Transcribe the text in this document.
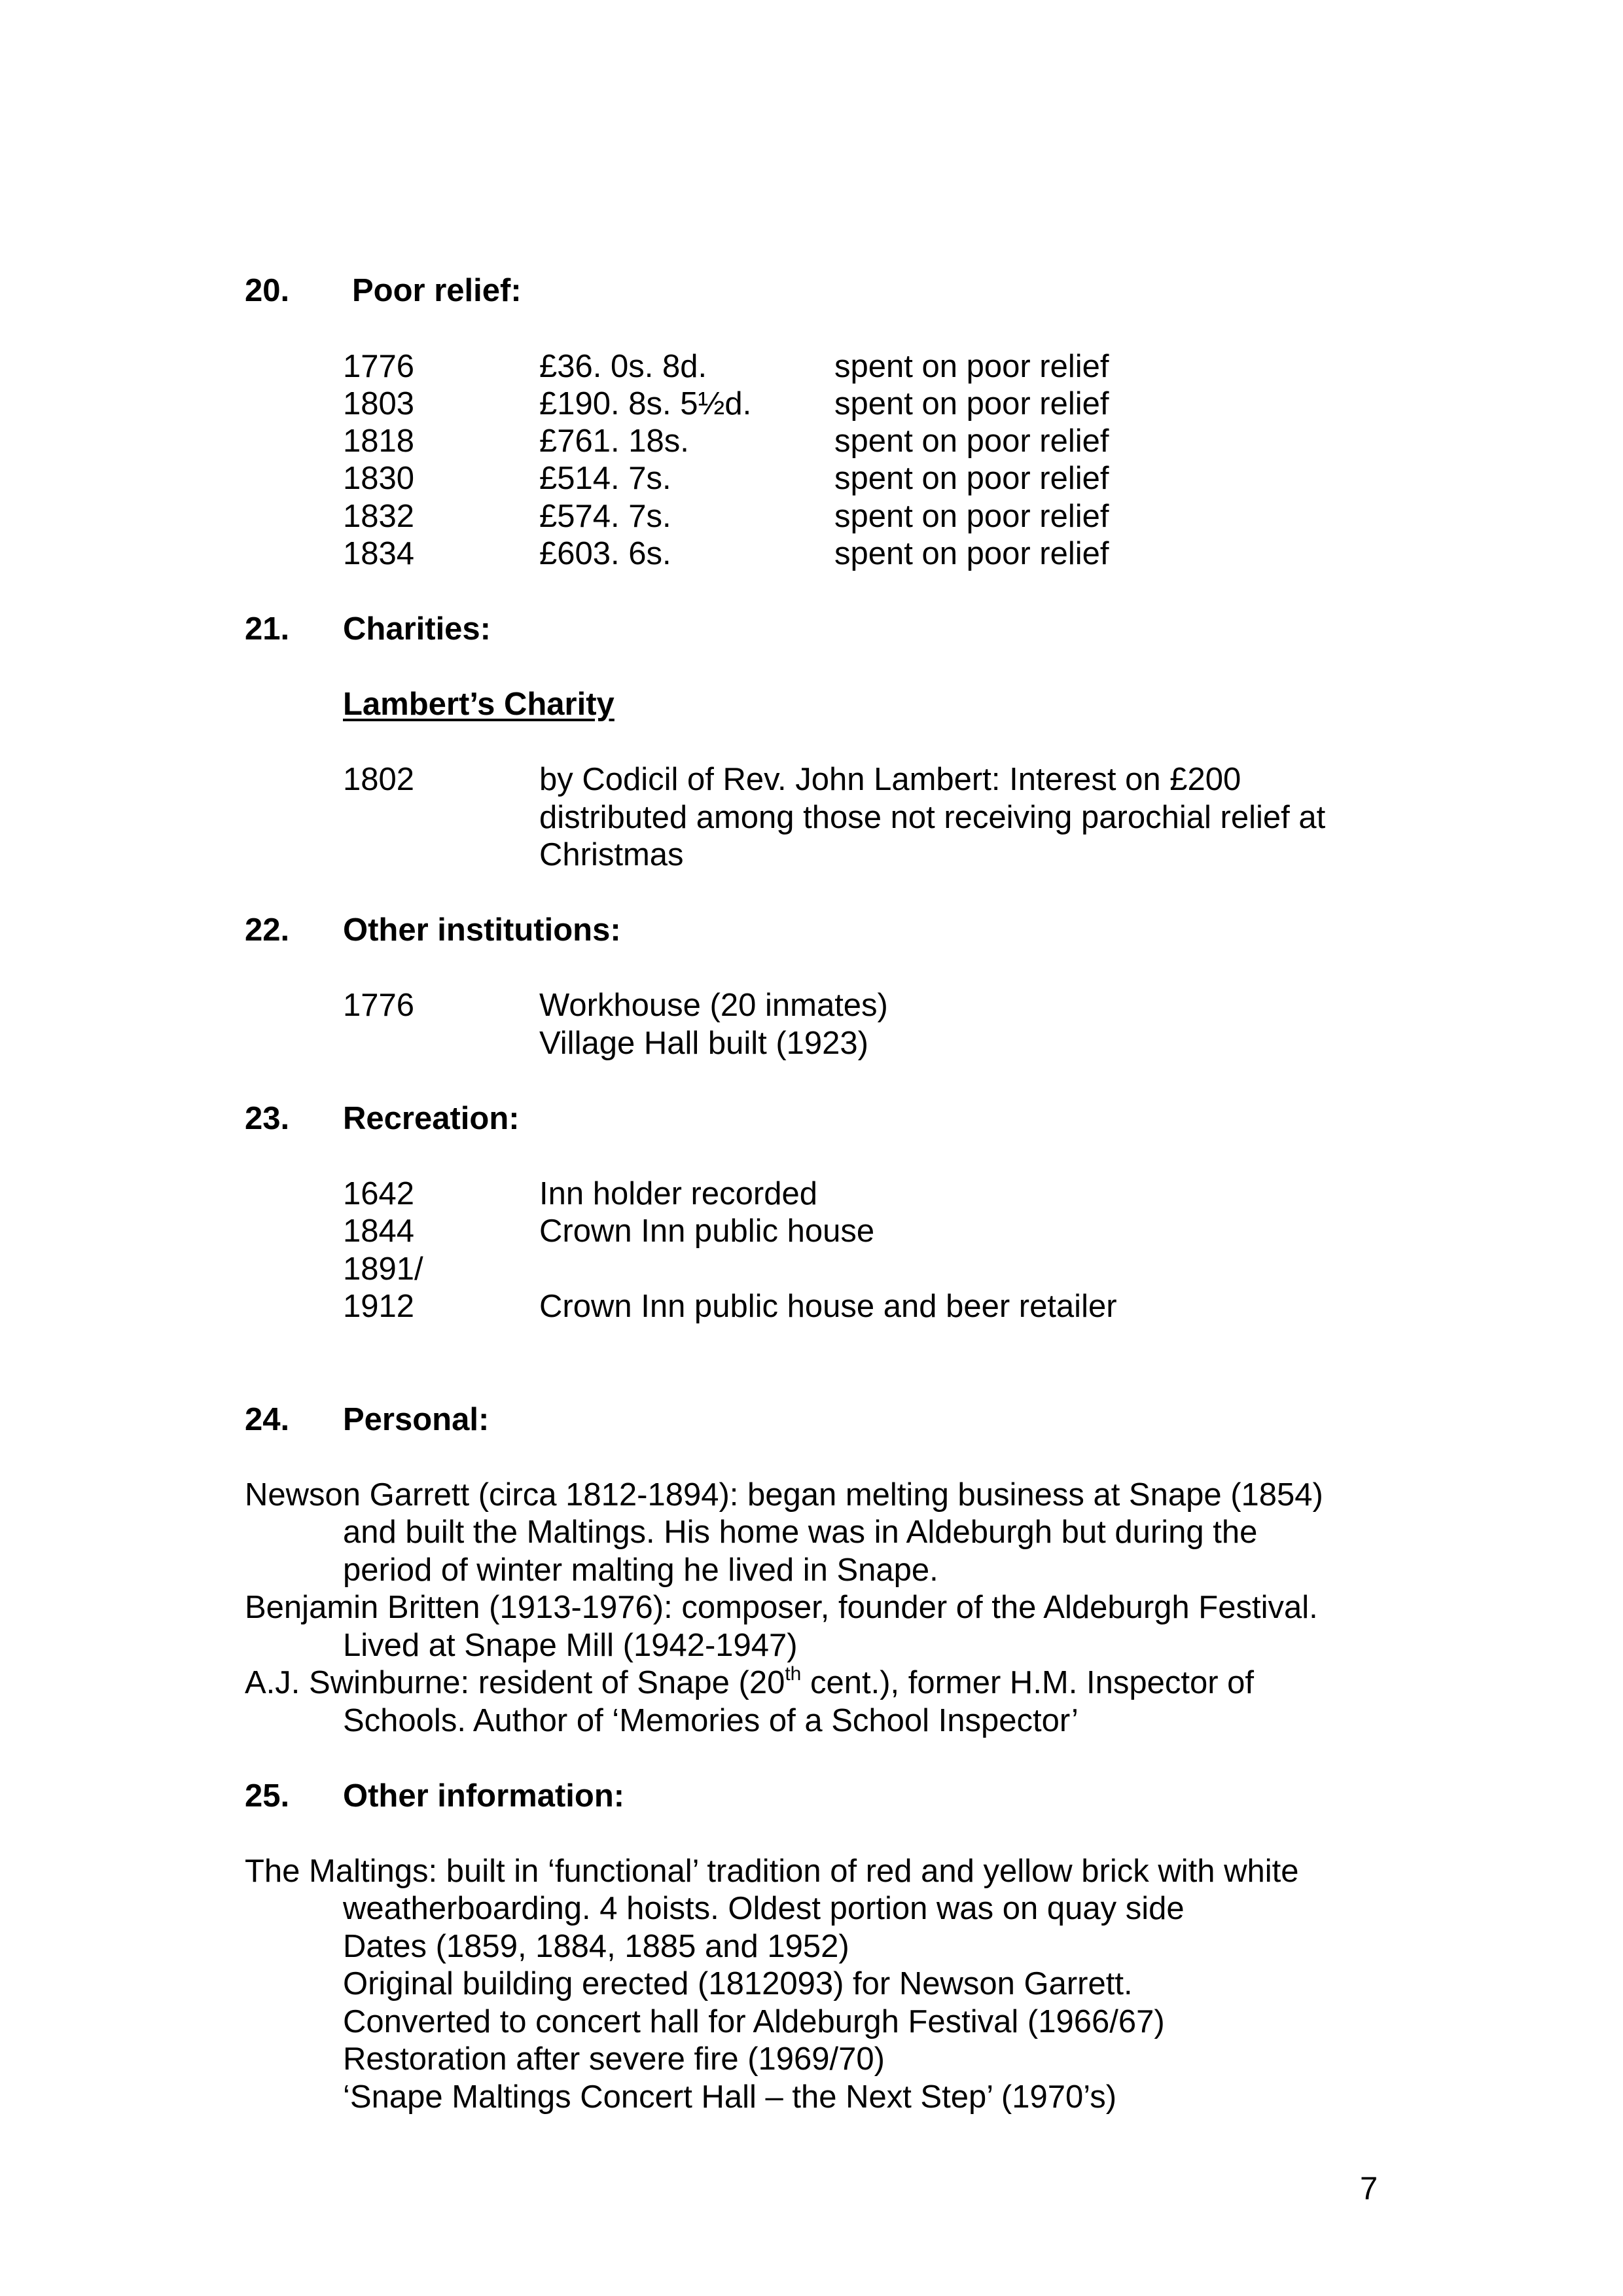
20. Poor relief:
1776	£36. 0s. 8d.	spent on poor relief
1803	£190. 8s. 5½d.	spent on poor relief
1818	£761. 18s.	spent on poor relief
1830	£514. 7s.	spent on poor relief
1832	£574. 7s.	spent on poor relief
1834	£603. 6s.	spent on poor relief
21. Charities:
Lambert’s Charity
1802	by Codicil of Rev. John Lambert: Interest on £200
distributed among those not receiving parochial relief at
Christmas
22. Other institutions:
1776	Workhouse (20 inmates)
Village Hall built (1923)
23. Recreation:
1642	Inn holder recorded
1844	Crown Inn public house
1891/
1912	Crown Inn public house and beer retailer
24. Personal:
Newson Garrett (circa 1812-1894): began melting business at Snape (1854)
and built the Maltings. His home was in Aldeburgh but during the
period of winter malting he lived in Snape.
Benjamin Britten (1913-1976): composer, founder of the Aldeburgh Festival.
Lived at Snape Mill (1942-1947)
A.J. Swinburne: resident of Snape (20th cent.), former H.M. Inspector of
Schools. Author of ‘Memories of a School Inspector’
25. Other information:
The Maltings: built in ‘functional’ tradition of red and yellow brick with white
weatherboarding. 4 hoists. Oldest portion was on quay side
Dates (1859, 1884, 1885 and 1952)
Original building erected (1812093) for Newson Garrett.
Converted to concert hall for Aldeburgh Festival (1966/67)
Restoration after severe fire (1969/70)
‘Snape Maltings Concert Hall – the Next Step’ (1970’s)
7
